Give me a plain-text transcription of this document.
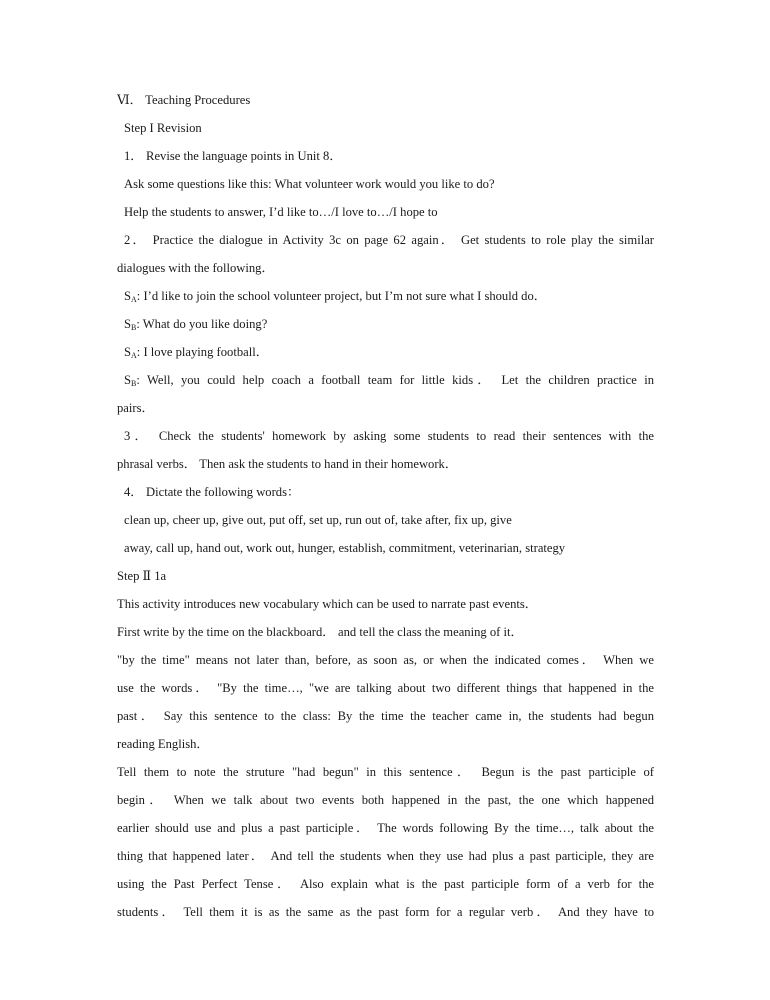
Ⅵ． Teaching Procedures
Step I Revision
1． Revise the language points in Unit 8．
Ask some questions like this: What volunteer work would you like to do?
Help the students to answer, I’d like to…/I love to…/I hope to
2． Practice the dialogue in Activity 3c on page 62 again． Get students to role play the similar
dialogues with the following．
$S_A$: I’d like to join the school volunteer project, but I’m not sure what I should do．
$S_B$: What do you like doing?
$S_A$: I love playing football．
$S_B$: Well, you could help coach a football team for little kids． Let the children practice in
pairs．
3． Check the students' homework by asking some students to read their sentences with the
phrasal verbs． Then ask the students to hand in their homework．
4． Dictate the following words：
clean up, cheer up, give out, put off, set up, run out of, take after, fix up, give
away, call up, hand out, work out, hunger, establish, commitment, veterinarian, strategy
Step Ⅱ 1a
This activity introduces new vocabulary which can be used to narrate past events．
First write by the time on the blackboard． and tell the class the meaning of it．
"by the time" means not later than, before, as soon as, or when the indicated comes． When we
use the words． "By the time…, "we are talking about two different things that happened in the
past． Say this sentence to the class: By the time the teacher came in, the students had begun
reading English．
Tell them to note the struture "had begun" in this sentence． Begun is the past participle of
begin． When we talk about two events both happened in the past, the one which happened
earlier should use and plus a past participle． The words following By the time…, talk about the
thing that happened later． And tell the students when they use had plus a past participle, they are
using the Past Perfect Tense． Also explain what is the past participle form of a verb for the
students． Tell them it is as the same as the past form for a regular verb． And they have to
